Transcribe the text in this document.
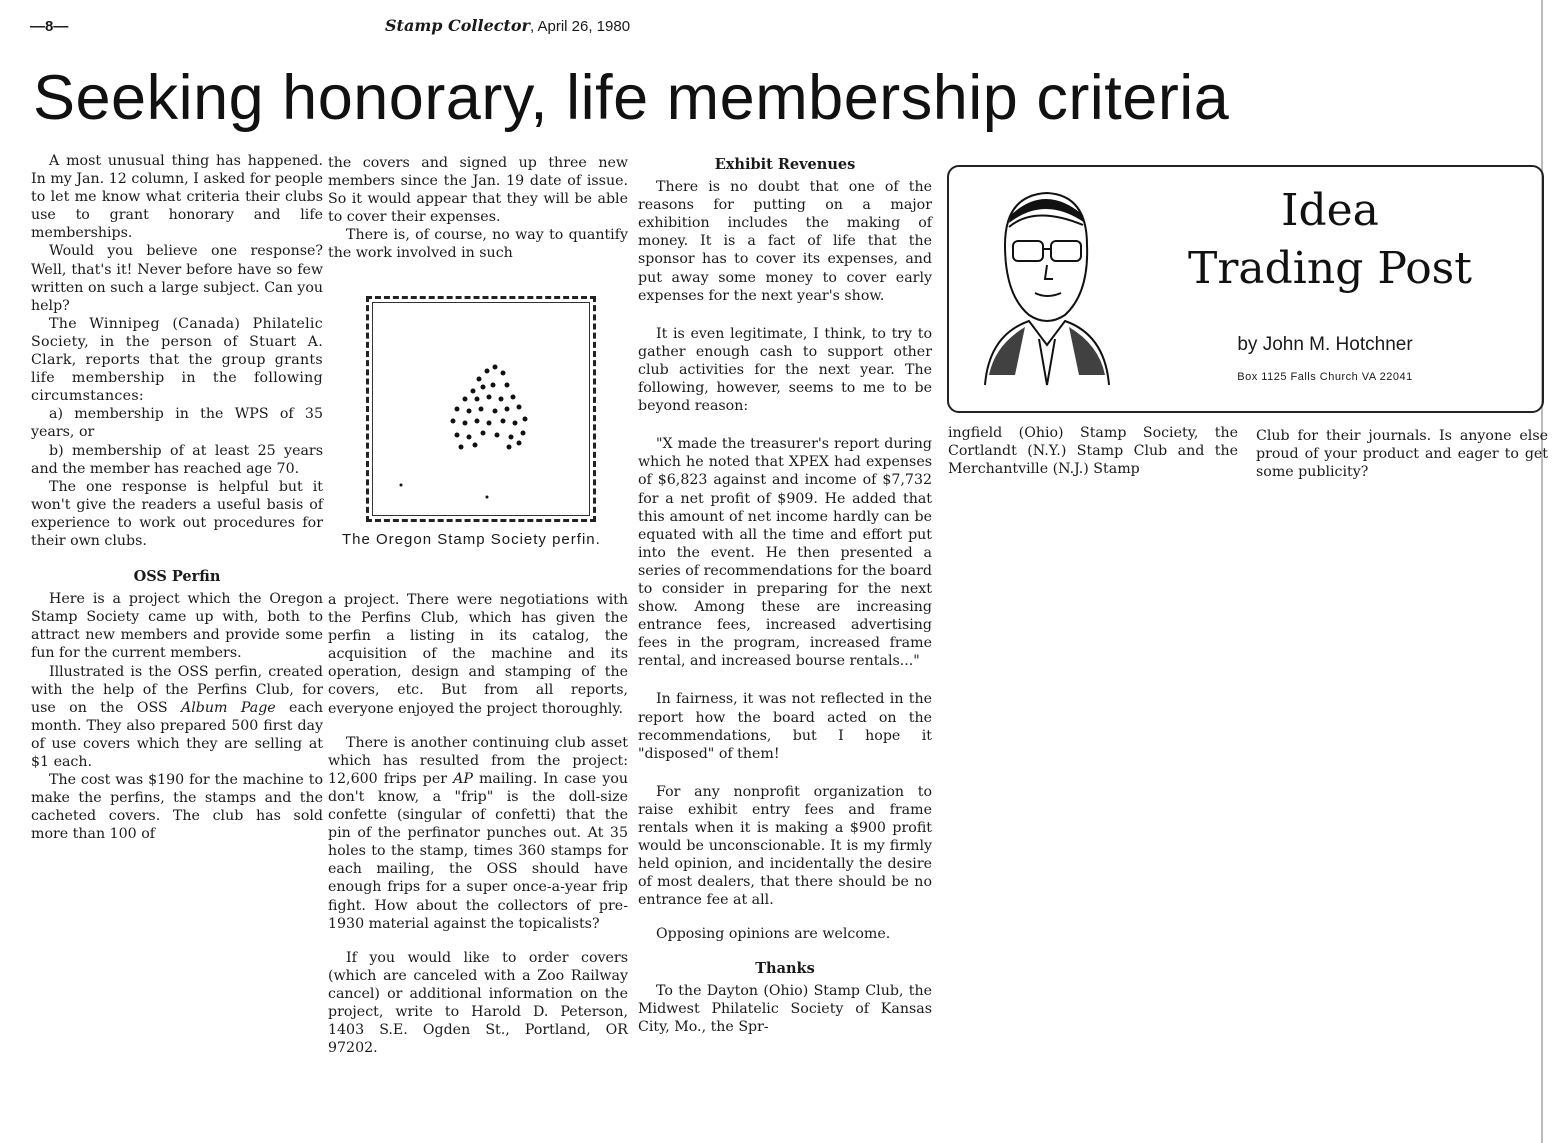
—8—	Stamp Collector, April 26, 1980
Seeking honorary, life membership criteria

A most unusual thing has happened. In my Jan. 12 column, I asked for people to let me know what criteria their clubs use to grant honorary and life memberships.

Would you believe one response? Well, that's it! Never before have so few written on such a large subject. Can you help?

The Winnipeg (Canada) Philatelic Society, in the person of Stuart A. Clark, reports that the group grants life membership in the following circumstances:

a) membership in the WPS of 35 years, or

b) membership of at least 25 years and the member has reached age 70.

The one response is helpful but it won't give the readers a useful basis of experience to work out procedures for their own clubs.

OSS Perfin

Here is a project which the Oregon Stamp Society came up with, both to attract new members and provide some fun for the current members.

Illustrated is the OSS perfin, created with the help of the Perfins Club, for use on the OSS Album Page each month. They also prepared 500 first day of use covers which they are selling at $1 each.

The cost was $190 for the machine to make the perfins, the stamps and the cacheted covers. The club has sold more than 100 of

the covers and signed up three new members since the Jan. 19 date of issue. So it would appear that they will be able to cover their expenses.

There is, of course, no way to quantify the work involved in such

The Oregon Stamp Society perfin.

a project. There were negotiations with the Perfins Club, which has given the perfin a listing in its catalog, the acquisition of the machine and its operation, design and stamping of the covers, etc. But from all reports, everyone enjoyed the project thoroughly.

There is another continuing club asset which has resulted from the project: 12,600 frips per AP mailing. In case you don't know, a "frip" is the doll-size confette (singular of confetti) that the pin of the perfinator punches out. At 35 holes to the stamp, times 360 stamps for each mailing, the OSS should have enough frips for a super once-a-year frip fight. How about the collectors of pre-1930 material against the topicalists?

If you would like to order covers (which are canceled with a Zoo Railway cancel) or additional information on the project, write to Harold D. Peterson, 1403 S.E. Ogden St., Portland, OR 97202.

Exhibit Revenues

There is no doubt that one of the reasons for putting on a major exhibition includes the making of money. It is a fact of life that the sponsor has to cover its expenses, and put away some money to cover early expenses for the next year's show.

It is even legitimate, I think, to try to gather enough cash to support other club activities for the next year. The following, however, seems to me to be beyond reason:

"X made the treasurer's report during which he noted that XPEX had expenses of $6,823 against and income of $7,732 for a net profit of $909. He added that this amount of net income hardly can be equated with all the time and effort put into the event. He then presented a series of recommendations for the board to consider in preparing for the next show. Among these are increasing entrance fees, increased advertising fees in the program, increased frame rental, and increased bourse rentals..."

In fairness, it was not reflected in the report how the board acted on the recommendations, but I hope it "disposed" of them!

For any nonprofit organization to raise exhibit entry fees and frame rentals when it is making a $900 profit would be unconscionable. It is my firmly held opinion, and incidentally the desire of most dealers, that there should be no entrance fee at all.

Opposing opinions are welcome.

Thanks

To the Dayton (Ohio) Stamp Club, the Midwest Philatelic Society of Kansas City, Mo., the Spr-

Idea
Trading Post
by John M. Hotchner
Box 1125 Falls Church VA 22041

ingfield (Ohio) Stamp Society, the Cortlandt (N.Y.) Stamp Club and the Merchantville (N.J.) Stamp

Club for their journals. Is anyone else proud of your product and eager to get some publicity?
